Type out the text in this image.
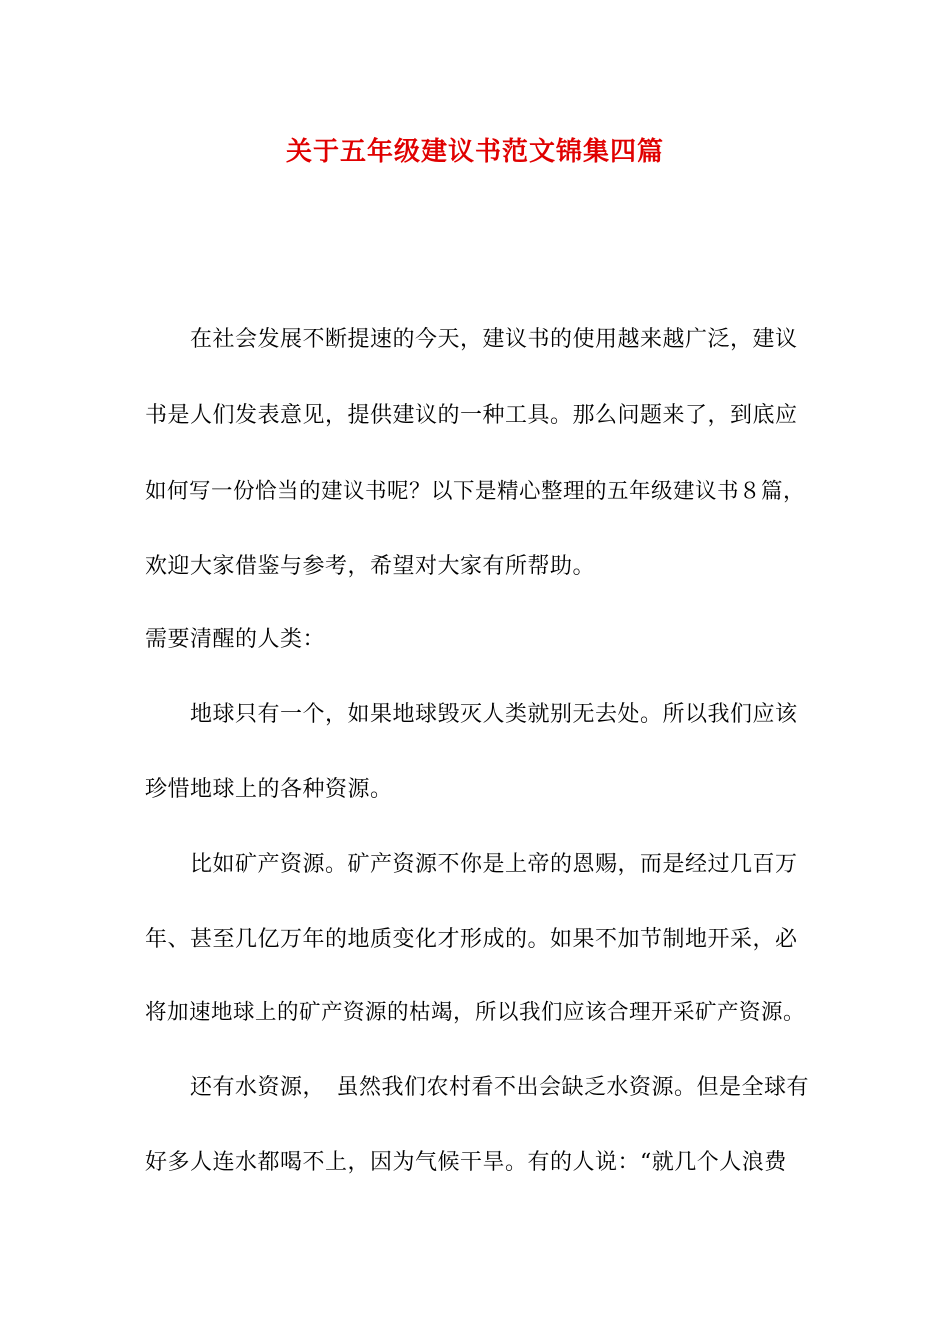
关于五年级建议书范文锦集四篇
在社会发展不断提速的今天，建议书的使用越来越广泛，建议
书是人们发表意见，提供建议的一种工具。那么问题来了，到底应
如何写一份恰当的建议书呢？以下是精心整理的五年级建议书８篇，
欢迎大家借鉴与参考，希望对大家有所帮助。
需要清醒的人类：
地球只有一个，如果地球毁灭人类就别无去处。所以我们应该
珍惜地球上的各种资源。
比如矿产资源。矿产资源不你是上帝的恩赐，而是经过几百万
年、甚至几亿万年的地质变化才形成的。如果不加节制地开采，必
将加速地球上的矿产资源的枯竭，所以我们应该合理开采矿产资源。
还有水资源，　虽然我们农村看不出会缺乏水资源。但是全球有
好多人连水都喝不上，因为气候干旱。有的人说：“就几个人浪费
